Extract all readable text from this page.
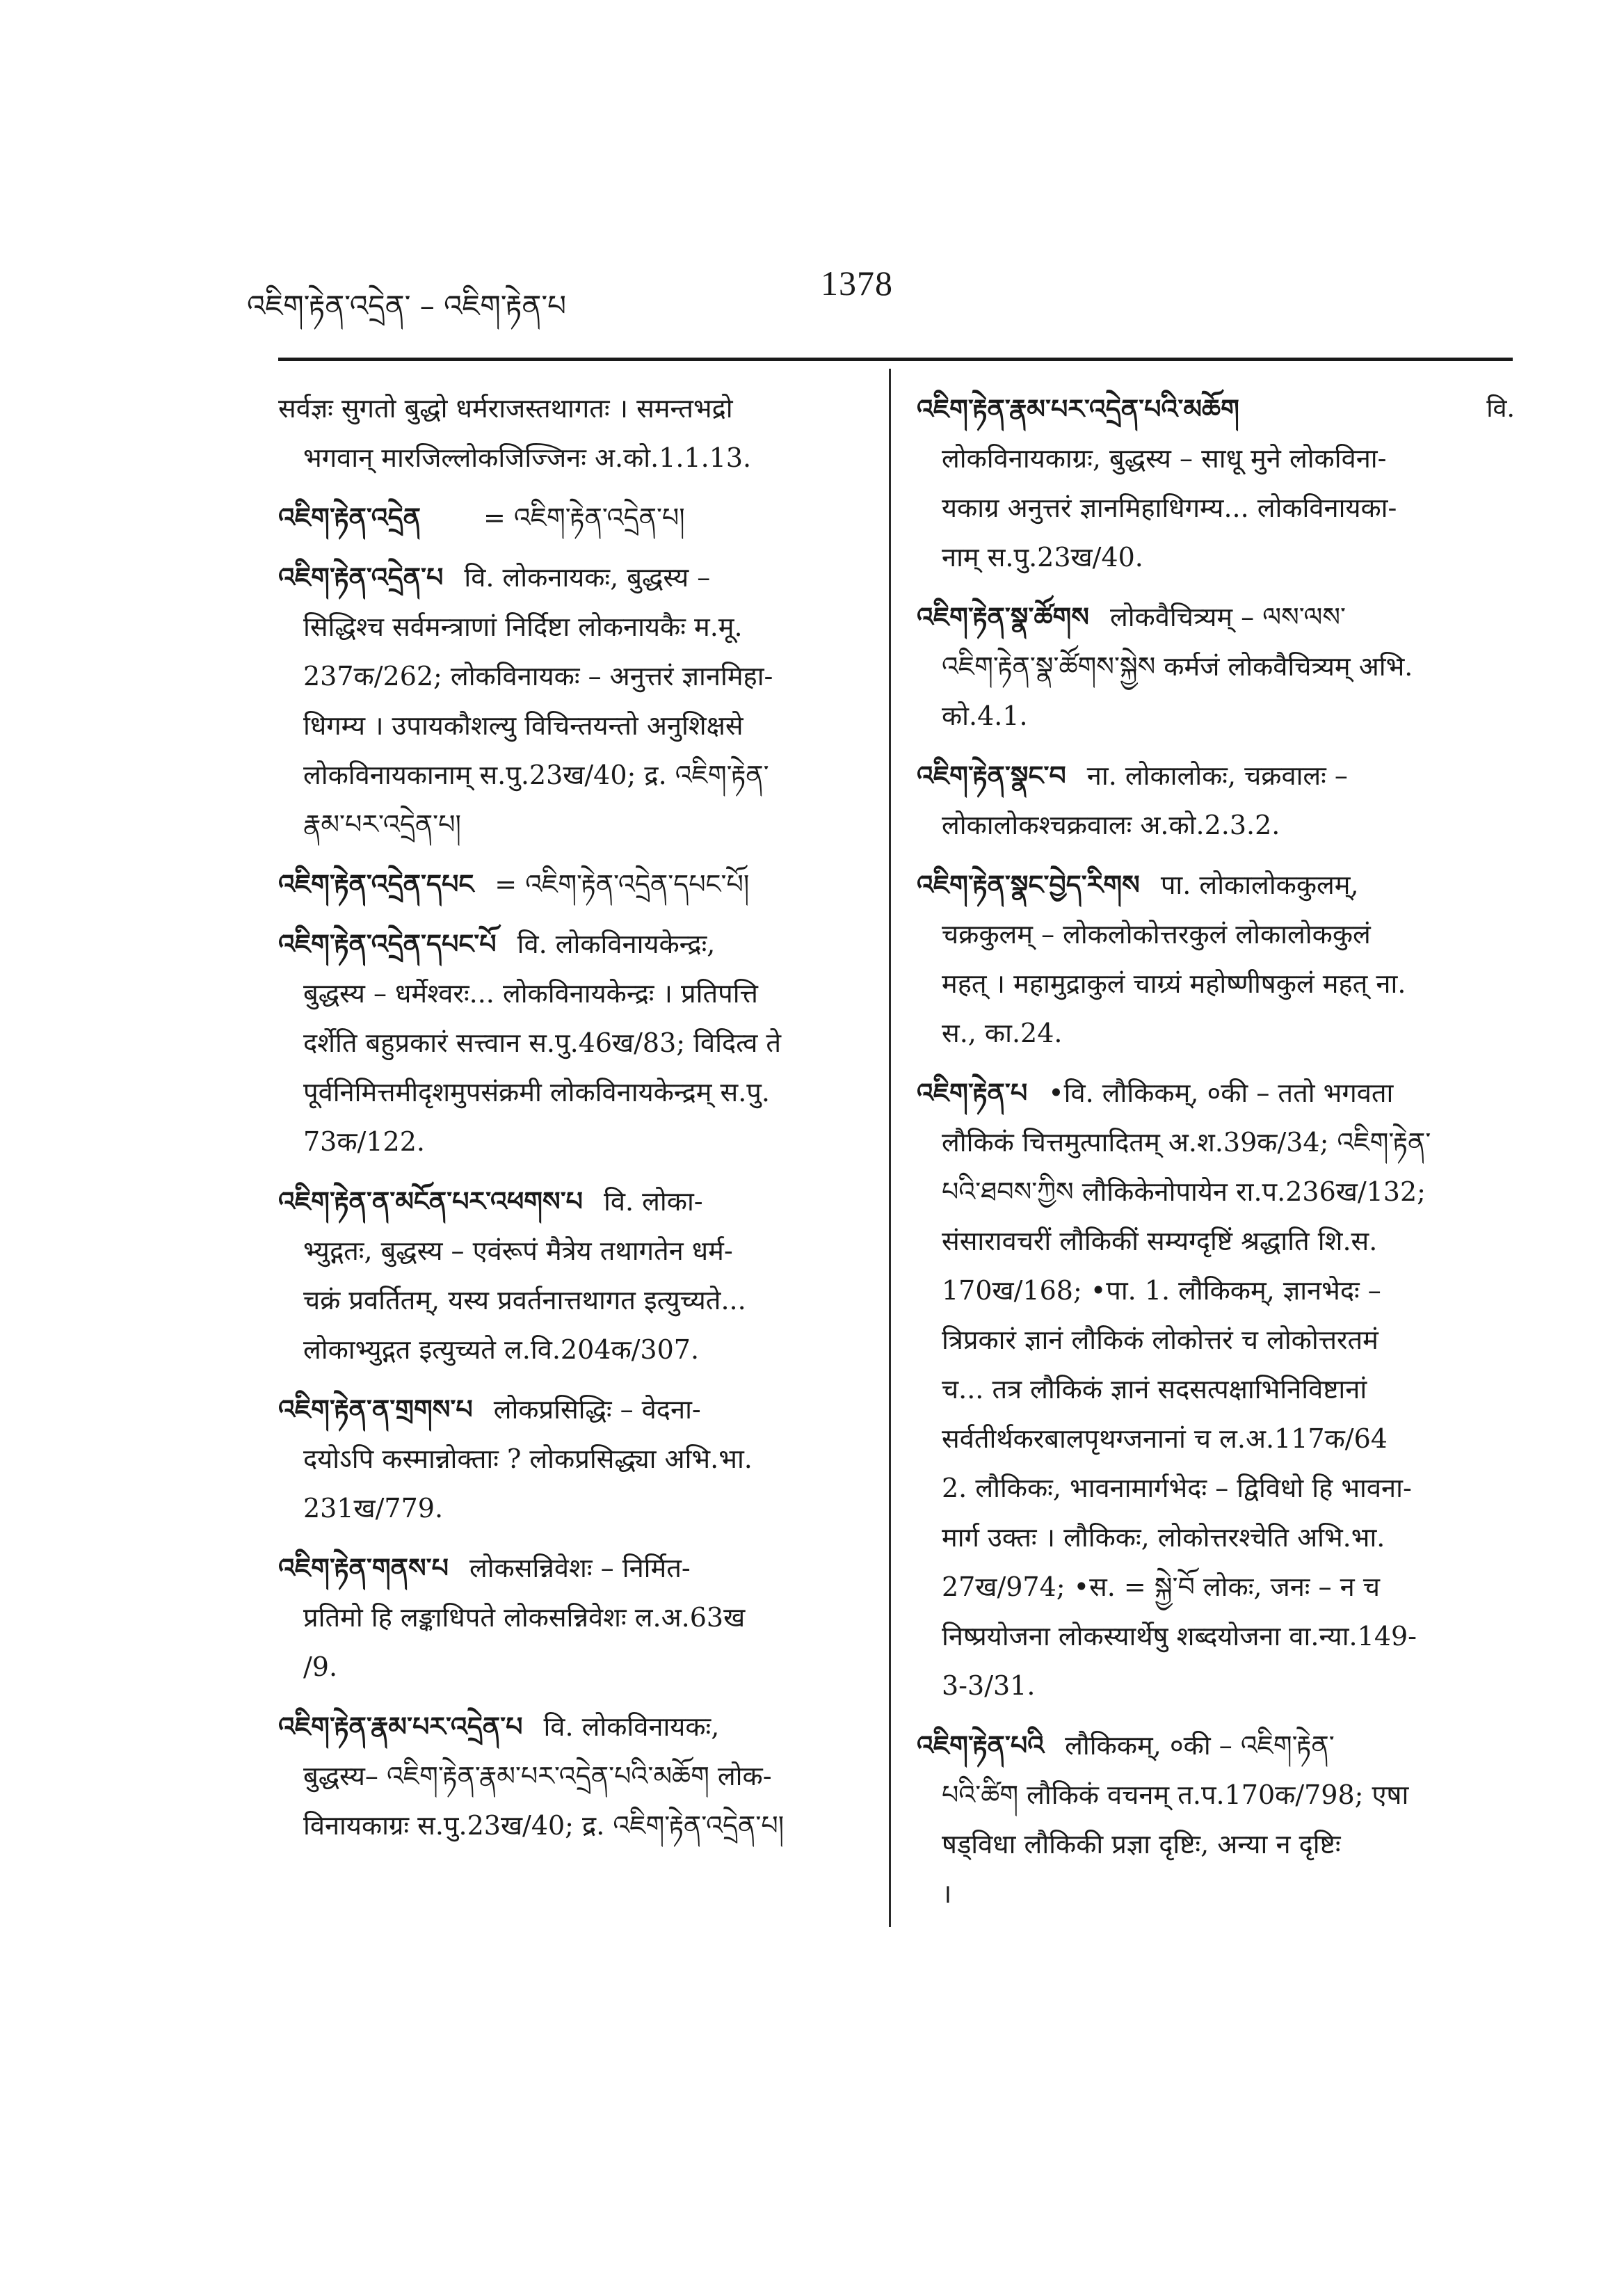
འཇིག་རྟེན་འདྲེན་ – འཇིག་རྟེན་པ
1378

सर्वज्ञः सुगतो बुद्धो धर्मराजस्तथागतः । समन्तभद्रो

भगवान् मारजिल्लोकजिज्जिनः अ.को.1.1.13.

འཇིག་རྟེན་འདྲེན = འཇིག་རྟེན་འདྲེན་པ།

འཇིག་རྟེན་འདྲེན་པ वि. लोकनायकः, बुद्धस्य –

सिद्धिश्च सर्वमन्त्राणां निर्दिष्टा लोकनायकैः म.मू.

237क/262; लोकविनायकः – अनुत्तरं ज्ञानमिहा-

धिगम्य । उपायकौशल्यु विचिन्तयन्तो अनुशिक्षसे

लोकविनायकानाम् स.पु.23ख/40; द्र. འཇིག་རྟེན་

རྣམ་པར་འདྲེན་པ།

འཇིག་རྟེན་འདྲེན་དཔང = འཇིག་རྟེན་འདྲེན་དཔང་པོ།

འཇིག་རྟེན་འདྲེན་དཔང་པོ वि. लोकविनायकेन्द्रः,

बुद्धस्य – धर्मेश्वरः... लोकविनायकेन्द्रः । प्रतिपत्ति

दर्शेति बहुप्रकारं सत्त्वान स.पु.46ख/83; विदित्व ते

पूर्वनिमित्तमीदृशमुपसंक्रमी लोकविनायकेन्द्रम् स.पु.

73क/122.

འཇིག་རྟེན་ན་མངོན་པར་འཕགས་པ वि. लोका-

भ्युद्गतः, बुद्धस्य – एवंरूपं मैत्रेय तथागतेन धर्म-

चक्रं प्रवर्तितम्, यस्य प्रवर्तनात्तथागत इत्युच्यते...

लोकाभ्युद्गत इत्युच्यते ल.वि.204क/307.

འཇིག་རྟེན་ན་གྲགས་པ लोकप्रसिद्धिः – वेदना-

दयोऽपि कस्मान्नोक्ताः ? लोकप्रसिद्ध्या अभि.भा.

231ख/779.

འཇིག་རྟེན་གནས་པ लोकसन्निवेशः – निर्मित-

प्रतिमो हि लङ्काधिपते लोकसन्निवेशः ल.अ.63ख

/9.

འཇིག་རྟེན་རྣམ་པར་འདྲེན་པ वि. लोकविनायकः,

बुद्धस्य– འཇིག་རྟེན་རྣམ་པར་འདྲེན་པའི་མཆོག लोक-

विनायकाग्रः स.पु.23ख/40; द्र. འཇིག་རྟེན་འདྲེན་པ།

འཇིག་རྟེན་རྣམ་པར་འདྲེན་པའི་མཆོག	वि.

लोकविनायकाग्रः, बुद्धस्य – साधू मुने लोकविना-

यकाग्र अनुत्तरं ज्ञानमिहाधिगम्य... लोकविनायका-

नाम् स.पु.23ख/40.

འཇིག་རྟེན་སྣ་ཚོགས लोकवैचित्र्यम् – ལས་ལས་

འཇིག་རྟེན་སྣ་ཚོགས་སྐྱེས कर्मजं लोकवैचित्र्यम् अभि.

को.4.1.

འཇིག་རྟེན་སྣང་བ ना. लोकालोकः, चक्रवालः –

लोकालोकश्चक्रवालः अ.को.2.3.2.

འཇིག་རྟེན་སྣང་བྱེད་རིགས पा. लोकालोककुलम्,

चक्रकुलम् – लोकलोकोत्तरकुलं लोकालोककुलं

महत् । महामुद्राकुलं चाग्र्यं महोष्णीषकुलं महत् ना.

स., का.24.

འཇིག་རྟེན་པ •वि. लौकिकम्, ०की – ततो भगवता

लौकिकं चित्तमुत्पादितम् अ.श.39क/34; འཇིག་རྟེན་

པའི་ཐབས་ཀྱིས लौकिकेनोपायेन रा.प.236ख/132;

संसारावचरीं लौकिकीं सम्यग्दृष्टिं श्रद्धाति शि.स.

170ख/168; •पा. 1. लौकिकम्, ज्ञानभेदः –

त्रिप्रकारं ज्ञानं लौकिकं लोकोत्तरं च लोकोत्तरतमं

च... तत्र लौकिकं ज्ञानं सदसत्पक्षाभिनिविष्टानां

सर्वतीर्थकरबालपृथग्जनानां च ल.अ.117क/64

2. लौकिकः, भावनामार्गभेदः – द्विविधो हि भावना-

मार्ग उक्तः । लौकिकः, लोकोत्तरश्चेति अभि.भा.

27ख/974; •स. = སྐྱེ་བོ लोकः, जनः – न च

निष्प्रयोजना लोकस्यार्थेषु शब्दयोजना वा.न्या.149-

3-3/31.

འཇིག་རྟེན་པའི लौकिकम्, ०की – འཇིག་རྟེན་

པའི་ཚིག लौकिकं वचनम् त.प.170क/798; एषा

षड्विधा लौकिकी प्रज्ञा दृष्टिः, अन्या न दृष्टिः

।
